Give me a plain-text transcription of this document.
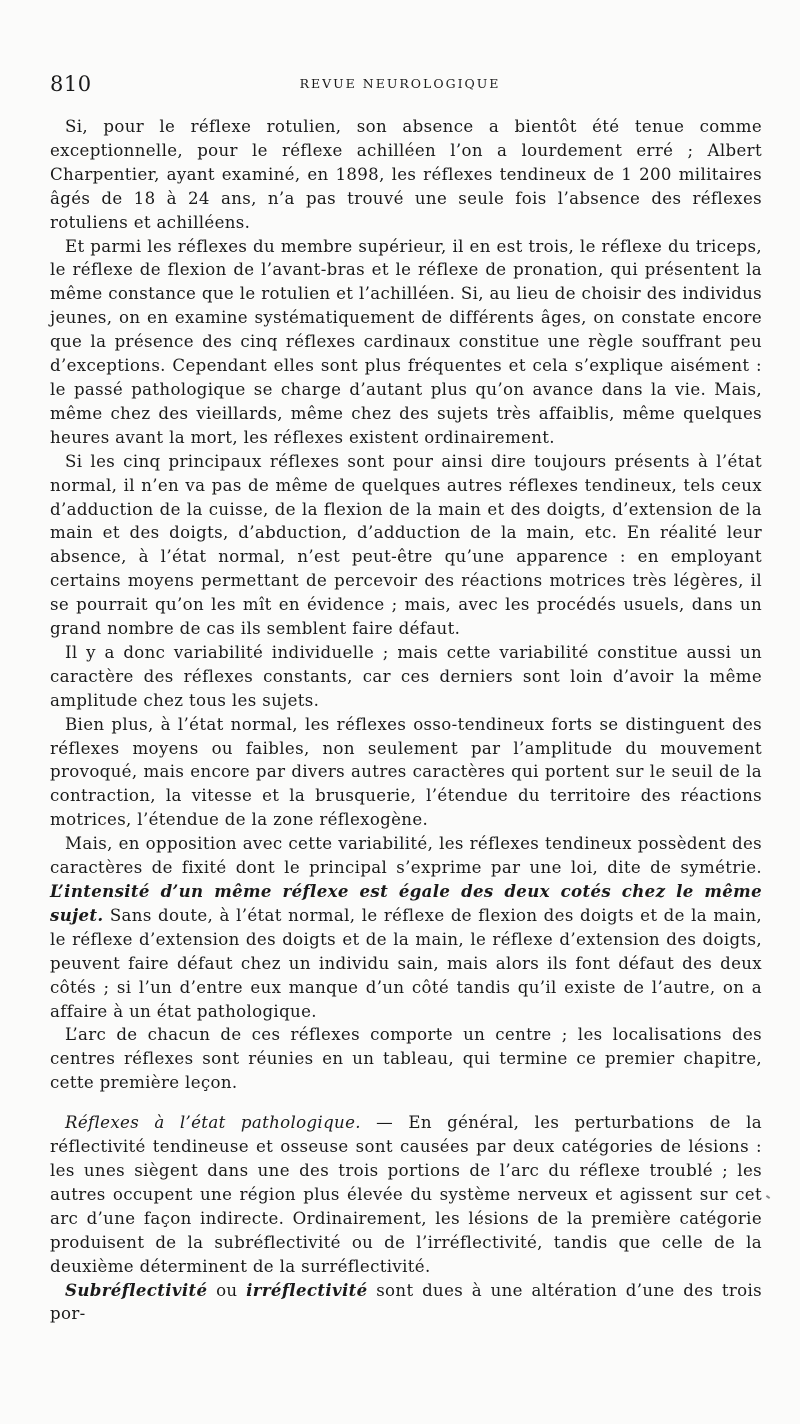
810	REVUE NEUROLOGIQUE

Si, pour le réflexe rotulien, son absence a bientôt été tenue comme exceptionnelle, pour le réflexe achilléen l’on a lourdement erré ; Albert Charpentier, ayant examiné, en 1898, les réflexes tendineux de 1 200 militaires âgés de 18 à 24 ans, n’a pas trouvé une seule fois l’absence des réflexes rotuliens et achilléens.

Et parmi les réflexes du membre supérieur, il en est trois, le réflexe du triceps, le réflexe de flexion de l’avant-bras et le réflexe de pronation, qui présentent la même constance que le rotulien et l’achilléen. Si, au lieu de choisir des individus jeunes, on en examine systématiquement de différents âges, on constate encore que la présence des cinq réflexes cardinaux constitue une règle souffrant peu d’exceptions. Cependant elles sont plus fréquentes et cela s’explique aisément : le passé pathologique se charge d’autant plus qu’on avance dans la vie. Mais, même chez des vieillards, même chez des sujets très affaiblis, même quelques heures avant la mort, les réflexes existent ordinairement.

Si les cinq principaux réflexes sont pour ainsi dire toujours présents à l’état normal, il n’en va pas de même de quelques autres réflexes tendineux, tels ceux d’adduction de la cuisse, de la flexion de la main et des doigts, d’extension de la main et des doigts, d’abduction, d’adduction de la main, etc. En réalité leur absence, à l’état normal, n’est peut-être qu’une apparence : en employant certains moyens permettant de percevoir des réactions motrices très légères, il se pourrait qu’on les mît en évidence ; mais, avec les procédés usuels, dans un grand nombre de cas ils semblent faire défaut.

Il y a donc variabilité individuelle ; mais cette variabilité constitue aussi un caractère des réflexes constants, car ces derniers sont loin d’avoir la même amplitude chez tous les sujets.

Bien plus, à l’état normal, les réflexes osso-tendineux forts se distinguent des réflexes moyens ou faibles, non seulement par l’amplitude du mouvement provoqué, mais encore par divers autres caractères qui portent sur le seuil de la contraction, la vitesse et la brusquerie, l’étendue du territoire des réactions motrices, l’étendue de la zone réflexogène.

Mais, en opposition avec cette variabilité, les réflexes tendineux possèdent des caractères de fixité dont le principal s’exprime par une loi, dite de symétrie. L’intensité d’un même réflexe est égale des deux cotés chez le même sujet. Sans doute, à l’état normal, le réflexe de flexion des doigts et de la main, le réflexe d’extension des doigts et de la main, le réflexe d’extension des doigts, peuvent faire défaut chez un individu sain, mais alors ils font défaut des deux côtés ; si l’un d’entre eux manque d’un côté tandis qu’il existe de l’autre, on a affaire à un état pathologique.

L’arc de chacun de ces réflexes comporte un centre ; les localisations des centres réflexes sont réunies en un tableau, qui termine ce premier chapitre, cette première leçon.

Réflexes à l’état pathologique. — En général, les perturbations de la réflectivité tendineuse et osseuse sont causées par deux catégories de lésions : les unes siègent dans une des trois portions de l’arc du réflexe troublé ; les autres occupent une région plus élevée du système nerveux et agissent sur cet arc d’une façon indirecte. Ordinairement, les lésions de la première catégorie produisent de la subréflectivité ou de l’irréflectivité, tandis que celle de la deuxième déterminent de la surréflectivité.

Subréflectivité ou irréflectivité sont dues à une altération d’une des trois por-
